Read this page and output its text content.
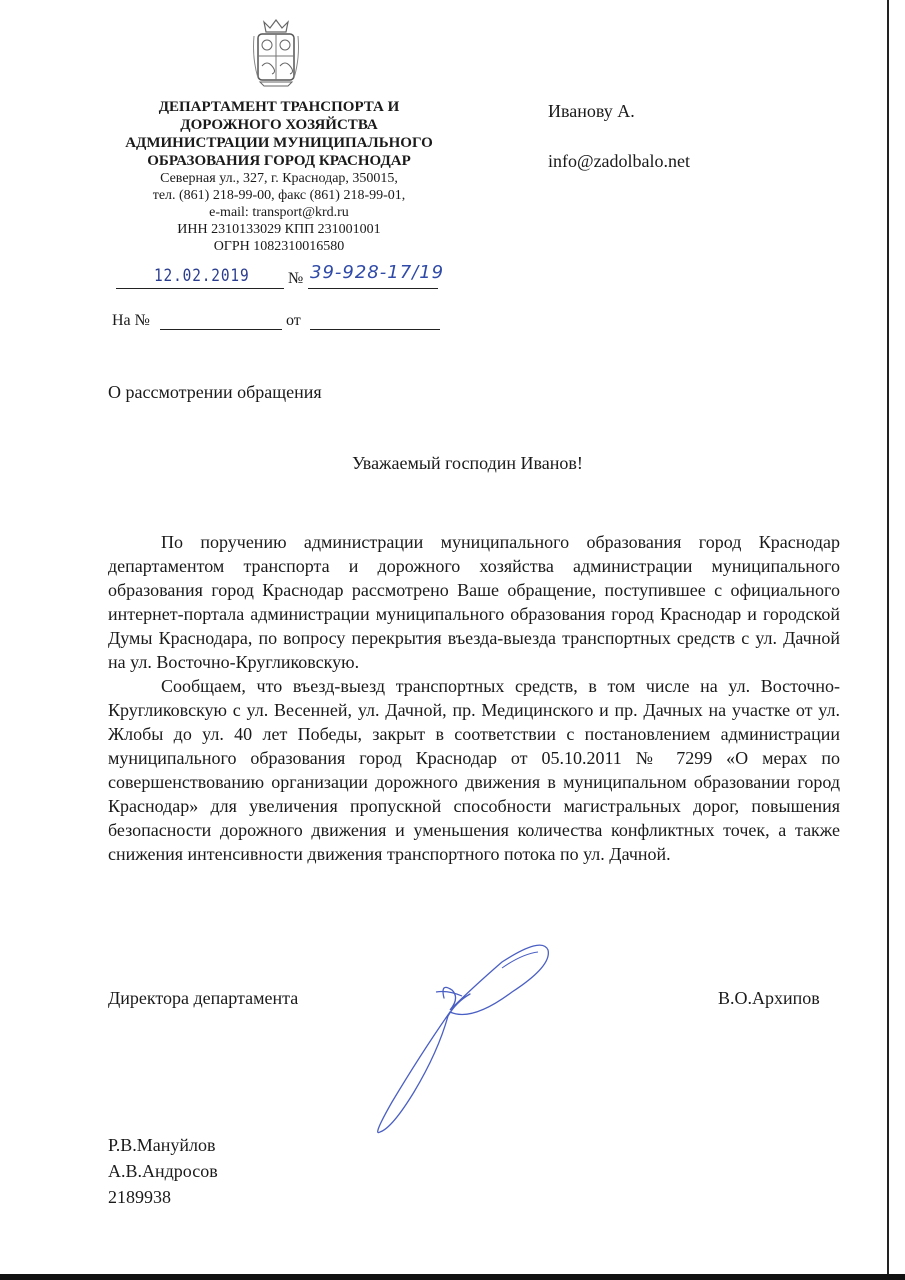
ДЕПАРТАМЕНТ ТРАНСПОРТА И
ДОРОЖНОГО ХОЗЯЙСТВА
АДМИНИСТРАЦИИ МУНИЦИПАЛЬНОГО
ОБРАЗОВАНИЯ ГОРОД КРАСНОДАР
Северная ул., 327, г. Краснодар, 350015,
тел. (861) 218-99-00, факс (861) 218-99-01,
e-mail: transport@krd.ru
ИНН 2310133029 КПП 231001001
ОГРН 1082310016580
Иванову А.
info@zadolbalo.net
12.02.2019 № 39-928-17/19
На №	от
О рассмотрении обращения
Уважаемый господин Иванов!

По поручению администрации муниципального образования город Краснодар департаментом транспорта и дорожного хозяйства администрации муниципального образования город Краснодар рассмотрено Ваше обращение, поступившее с официального интернет-портала администрации муниципального образования город Краснодар и городской Думы Краснодара, по вопросу перекрытия въезда-выезда транспортных средств с ул. Дачной на ул. Восточно-Кругликовскую.

Сообщаем, что въезд-выезд транспортных средств, в том числе на ул. Восточно-Кругликовскую с ул. Весенней, ул. Дачной, пр. Медицинского и пр. Дачных на участке от ул. Жлобы до ул. 40 лет Победы, закрыт в соответствии с постановлением администрации муниципального образования город Краснодар от 05.10.2011 № 7299 «О мерах по совершенствованию организации дорожного движения в муниципальном образовании город Краснодар» для увеличения пропускной способности магистральных дорог, повышения безопасности дорожного движения и уменьшения количества конфликтных точек, а также снижения интенсивности движения транспортного потока по ул. Дачной.

Директора департамента	В.О.Архипов
Р.В.Мануйлов
А.В.Андросов
2189938
